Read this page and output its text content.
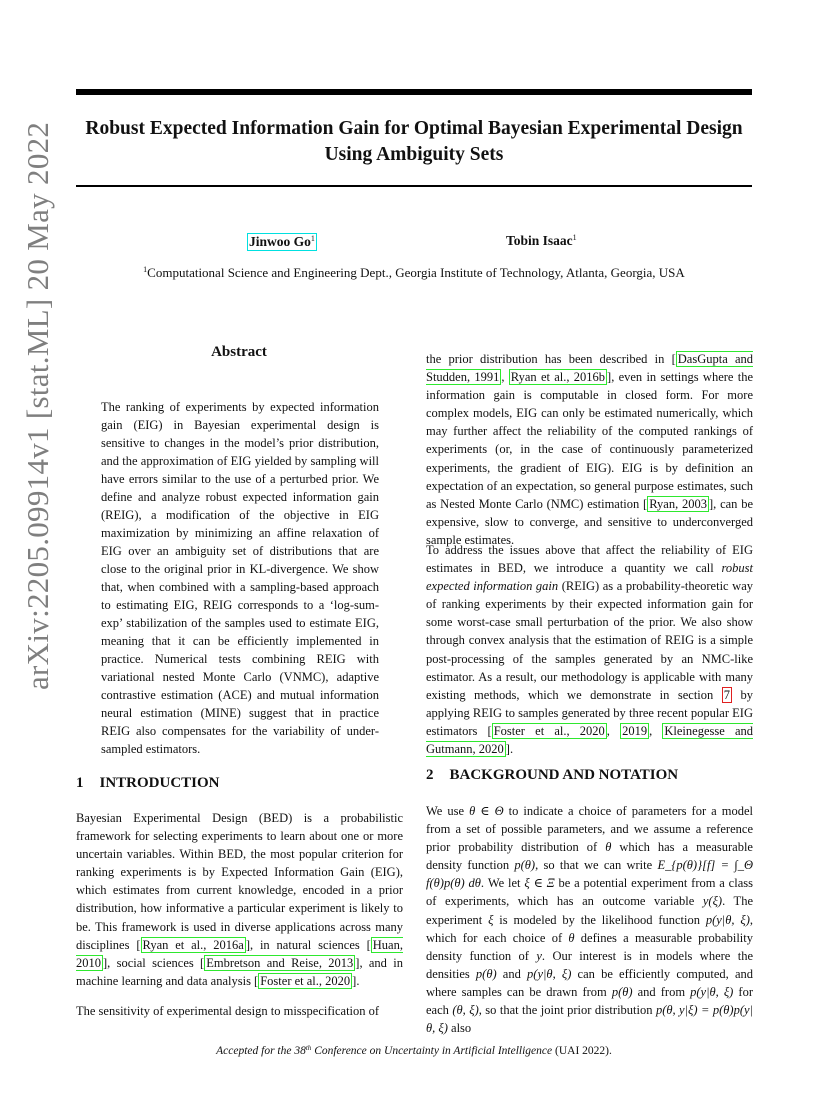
Robust Expected Information Gain for Optimal Bayesian Experimental Design Using Ambiguity Sets
Jinwoo Go$^1$	Tobin Isaac$^1$
$^1$Computational Science and Engineering Dept., Georgia Institute of Technology, Atlanta, Georgia, USA
arXiv:2205.09914v1 [stat.ML] 20 May 2022	Abstract
The ranking of experiments by expected information gain (EIG) in Bayesian experimental design is sensitive to changes in the model’s prior distribution, and the approximation of EIG yielded by sampling will have errors similar to the use of a perturbed prior. We define and analyze robust expected information gain (REIG), a modification of the objective in EIG maximization by minimizing an affine relaxation of EIG over an ambiguity set of distributions that are close to the original prior in KL-divergence. We show that, when combined with a sampling-based approach to estimating EIG, REIG corresponds to a ‘log-sum-exp’ stabilization of the samples used to estimate EIG, meaning that it can be efficiently implemented in practice. Numerical tests combining REIG with variational nested Monte Carlo (VNMC), adaptive contrastive estimation (ACE) and mutual information neural estimation (MINE) suggest that in practice REIG also compensates for the variability of under-sampled estimators.
1 INTRODUCTION
Bayesian Experimental Design (BED) is a probabilistic framework for selecting experiments to learn about one or more uncertain variables. Within BED, the most popular criterion for ranking experiments is by Expected Information Gain (EIG), which estimates from current knowledge, encoded in a prior distribution, how informative a particular experiment is likely to be. This framework is used in diverse applications across many disciplines [ Ryan et al., 2016a ], in natural sciences [ Huan, 2010 ], social sciences [ Embretson and Reise, 2013 ], and in machine learning and data analysis [ Foster et al., 2020 ].
The sensitivity of experimental design to misspecification of
the prior distribution has been described in [ DasGupta and Studden, 1991 , Ryan et al., 2016b ], even in settings where the information gain is computable in closed form. For more complex models, EIG can only be estimated numerically, which may further affect the reliability of the computed rankings of experiments (or, in the case of continuously parameterized experiments, the gradient of EIG). EIG is by definition an expectation of an expectation, so general purpose estimates, such as Nested Monte Carlo (NMC) estimation [ Ryan, 2003 ], can be expensive, slow to converge, and sensitive to underconverged sample estimates.
To address the issues above that affect the reliability of EIG estimates in BED, we introduce a quantity we call robust expected information gain (REIG) as a probability-theoretic way of ranking experiments by their expected information gain for some worst-case small perturbation of the prior. We also show through convex analysis that the estimation of REIG is a simple post-processing of the samples generated by an NMC-like estimator. As a result, our methodology is applicable with many existing methods, which we demonstrate in section 7 by applying REIG to samples generated by three recent popular EIG estimators [ Foster et al., 2020 , 2019 , Kleinegesse and Gutmann, 2020 ].
2 BACKGROUND AND NOTATION
We use θ ∈ Θ to indicate a choice of parameters for a model from a set of possible parameters, and we assume a reference prior probability distribution of θ which has a measurable density function p(θ), so that we can write E_{p(θ)}[f] = ∫_Θ f(θ)p(θ) dθ. We let ξ ∈ Ξ be a potential experiment from a class of experiments, which has an outcome variable y(ξ). The experiment ξ is modeled by the likelihood function p(y|θ, ξ), which for each choice of θ defines a measurable probability density function of y. Our interest is in models where the densities p(θ) and p(y|θ, ξ) can be efficiently computed, and where samples can be drawn from p(θ) and from p(y|θ, ξ) for each (θ, ξ), so that the joint prior distribution p(θ, y|ξ) = p(θ)p(y|θ, ξ) also
Accepted for the 38th Conference on Uncertainty in Artificial Intelligence (UAI 2022).
